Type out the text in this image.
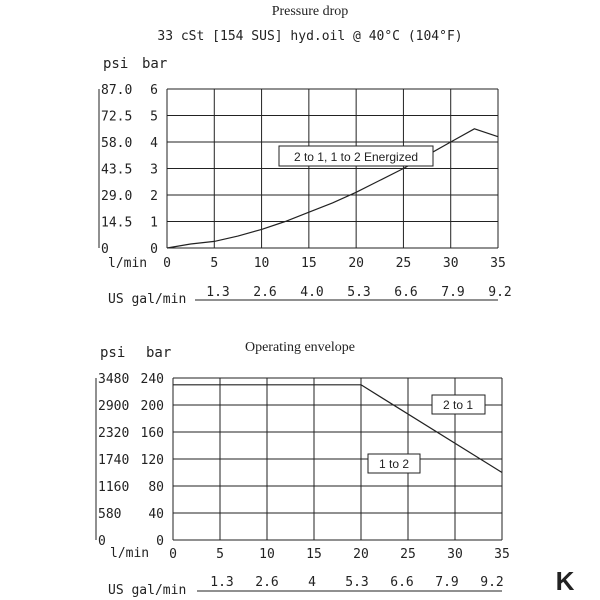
Pressure drop
33 cSt [154 SUS] hyd.oil @ 40°C (104°F)
psi bar
l/min
US gal/min
0
0
1
14.5
2
29.0
3
43.5
4
58.0
5
72.5
6
87.0
0	5	10 15 20 25 30 35
1.3 2.6 4.0 5.3 6.6 7.9 9.2
2 to 1, 1 to 2 Energized
Operating envelope
psi bar
l/min
US gal/min
0
0
40
580
80
1160
120
1740
160
2320
200
2900
240
3480
0	5	10 15 20 25 30 35
1.3 2.6 4 5.3 6.6 7.9 9.2
2 to 1
1 to 2
K
